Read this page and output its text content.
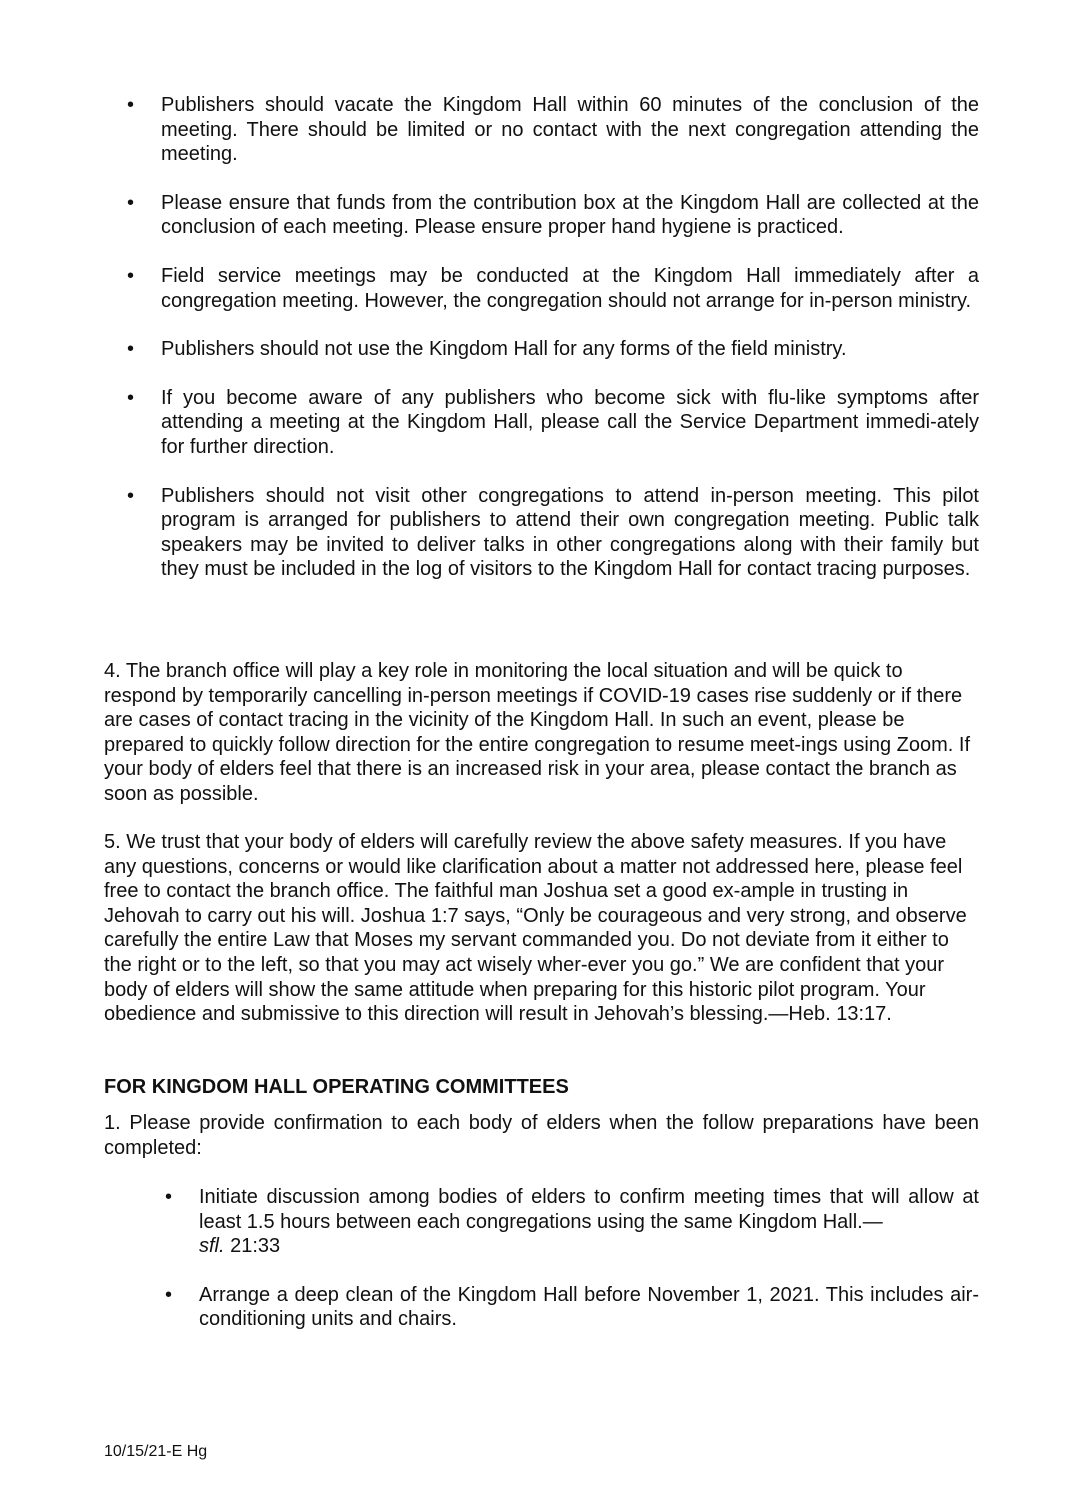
• Publishers should vacate the Kingdom Hall within 60 minutes of the conclusion of the meeting. There should be limited or no contact with the next congregation attending the meeting.
• Please ensure that funds from the contribution box at the Kingdom Hall are collected at the conclusion of each meeting. Please ensure proper hand hygiene is practiced.
• Field service meetings may be conducted at the Kingdom Hall immediately after a congregation meeting. However, the congregation should not arrange for in-person ministry.
• Publishers should not use the Kingdom Hall for any forms of the field ministry.
• If you become aware of any publishers who become sick with flu-like symptoms after attending a meeting at the Kingdom Hall, please call the Service Department immedi-ately for further direction.
• Publishers should not visit other congregations to attend in-person meeting. This pilot program is arranged for publishers to attend their own congregation meeting. Public talk speakers may be invited to deliver talks in other congregations along with their family but they must be included in the log of visitors to the Kingdom Hall for contact tracing purposes.

4. The branch office will play a key role in monitoring the local situation and will be quick to respond by temporarily cancelling in-person meetings if COVID-19 cases rise suddenly or if there are cases of contact tracing in the vicinity of the Kingdom Hall. In such an event, please be prepared to quickly follow direction for the entire congregation to resume meet-ings using Zoom. If your body of elders feel that there is an increased risk in your area, please contact the branch as soon as possible.

5. We trust that your body of elders will carefully review the above safety measures. If you have any questions, concerns or would like clarification about a matter not addressed here, please feel free to contact the branch office. The faithful man Joshua set a good ex-ample in trusting in Jehovah to carry out his will. Joshua 1:7 says, “Only be courageous and very strong, and observe carefully the entire Law that Moses my servant commanded you. Do not deviate from it either to the right or to the left, so that you may act wisely wher-ever you go.” We are confident that your body of elders will show the same attitude when preparing for this historic pilot program. Your obedience and submissive to this direction will result in Jehovah’s blessing.—Heb. 13:17.

FOR KINGDOM HALL OPERATING COMMITTEES

1. Please provide confirmation to each body of elders when the follow preparations have been completed:

• Initiate discussion among bodies of elders to confirm meeting times that will allow at least 1.5 hours between each congregations using the same Kingdom Hall.—
sfl. 21:33
• Arrange a deep clean of the Kingdom Hall before November 1, 2021. This includes air-conditioning units and chairs.

10/15/21-E Hg
